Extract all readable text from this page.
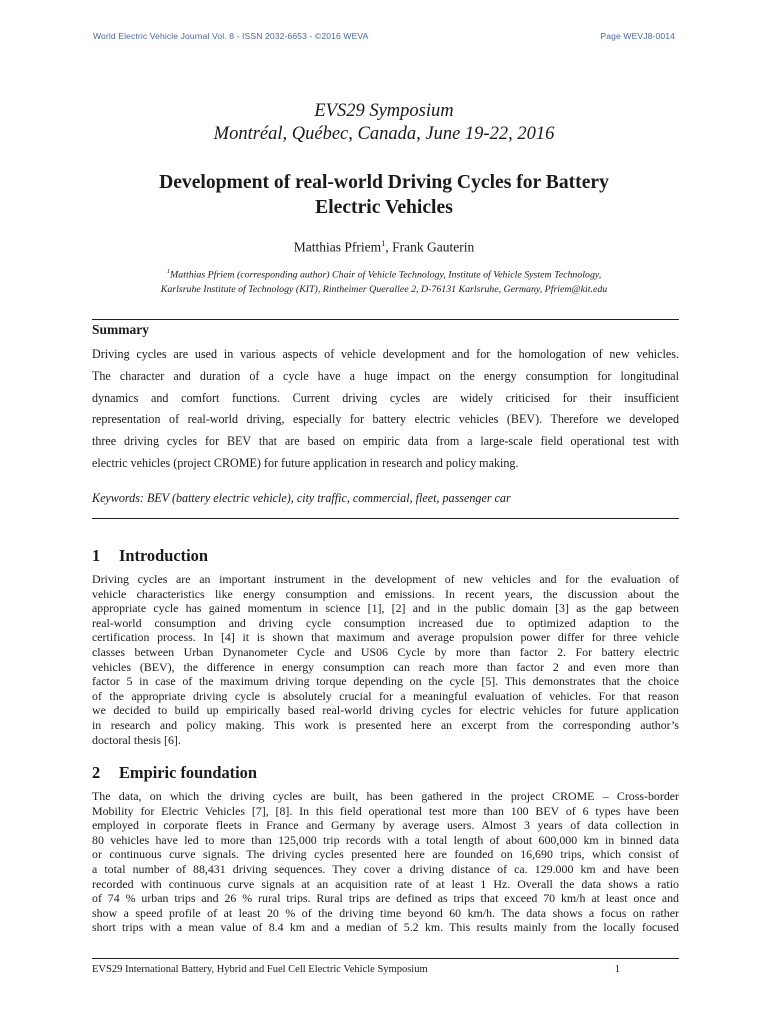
World Electric Vehicle Journal Vol. 8 - ISSN 2032-6653 - ©2016 WEVA	Page WEVJ8-0014
EVS29 Symposium
Montréal, Québec, Canada, June 19-22, 2016
Development of real-world Driving Cycles for Battery
Electric Vehicles
Matthias Pfriem$^1$, Frank Gauterin
$^1$Matthias Pfriem (corresponding author) Chair of Vehicle Technology, Institute of Vehicle System Technology,
Karlsruhe Institute of Technology (KIT), Rintheimer Querallee 2, D-76131 Karlsruhe, Germany, Pfriem@kit.edu
Summary

Driving cycles are used in various aspects of vehicle development and for the homologation of new vehicles.

The character and duration of a cycle have a huge impact on the energy consumption for longitudinal

dynamics and comfort functions. Current driving cycles are widely criticised for their insufficient

representation of real-world driving, especially for battery electric vehicles (BEV). Therefore we developed

three driving cycles for BEV that are based on empiric data from a large-scale field operational test with

electric vehicles (project CROME) for future application in research and policy making.

Keywords: BEV (battery electric vehicle), city traffic, commercial, fleet, passenger car
1 Introduction
Driving cycles are an important instrument in the development of new vehicles and for the evaluation of
vehicle characteristics like energy consumption and emissions. In recent years, the discussion about the
appropriate cycle has gained momentum in science [1], [2] and in the public domain [3] as the gap between
real-world consumption and driving cycle consumption increased due to optimized adaption to the
certification process. In [4] it is shown that maximum and average propulsion power differ for three vehicle
classes between Urban Dynanometer Cycle and US06 Cycle by more than factor 2. For battery electric
vehicles (BEV), the difference in energy consumption can reach more than factor 2 and even more than
factor 5 in case of the maximum driving torque depending on the cycle [5]. This demonstrates that the choice
of the appropriate driving cycle is absolutely crucial for a meaningful evaluation of vehicles. For that reason
we decided to build up empirically based real-world driving cycles for electric vehicles for future application
in research and policy making. This work is presented here an excerpt from the corresponding author’s
doctoral thesis [6].
2 Empiric foundation
The data, on which the driving cycles are built, has been gathered in the project CROME – Cross-border
Mobility for Electric Vehicles [7], [8]. In this field operational test more than 100 BEV of 6 types have been
employed in corporate fleets in France and Germany by average users. Almost 3 years of data collection in
80 vehicles have led to more than 125,000 trip records with a total length of about 600,000 km in binned data
or continuous curve signals. The driving cycles presented here are founded on 16,690 trips, which consist of
a total number of 88,431 driving sequences. They cover a driving distance of ca. 129.000 km and have been
recorded with continuous curve signals at an acquisition rate of at least 1 Hz. Overall the data shows a ratio
of 74 % urban trips and 26 % rural trips. Rural trips are defined as trips that exceed 70 km/h at least once and
show a speed profile of at least 20 % of the driving time beyond 60 km/h. The data shows a focus on rather
short trips with a mean value of 8.4 km and a median of 5.2 km. This results mainly from the locally focused
EVS29 International Battery, Hybrid and Fuel Cell Electric Vehicle Symposium	1
